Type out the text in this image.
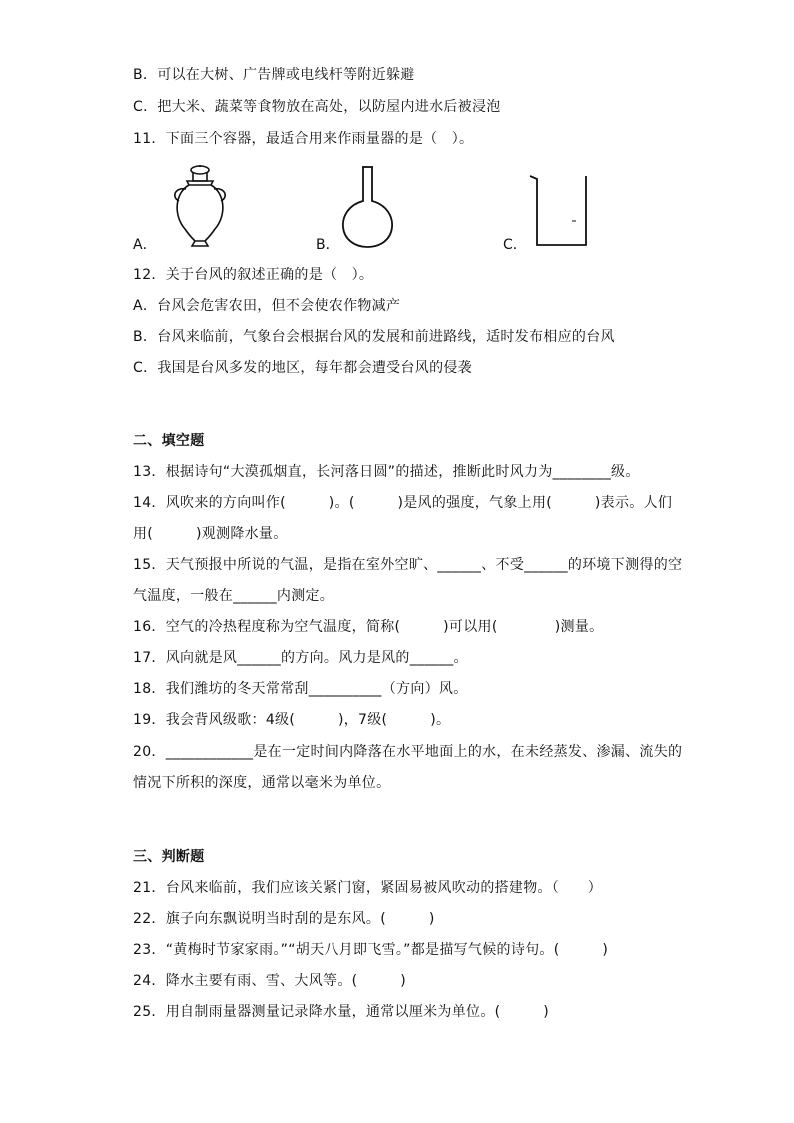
B．可以在大树、广告牌或电线杆等附近躲避
C．把大米、蔬菜等食物放在高处，以防屋内进水后被浸泡
11．下面三个容器，最适合用来作雨量器的是（　）。
A．	B．	C．
12．关于台风的叙述正确的是（　）。
A．台风会危害农田，但不会使农作物减产
B．台风来临前，气象台会根据台风的发展和前进路线，适时发布相应的台风
C．我国是台风多发的地区，每年都会遭受台风的侵袭
二、填空题
13．根据诗句“大漠孤烟直，长河落日圆”的描述，推断此时风力为________级。
14．风吹来的方向叫作(　　　)。(　　　)是风的强度，气象上用(　　　)表示。人们
用(　　　)观测降水量。
15．天气预报中所说的气温，是指在室外空旷、______、不受______的环境下测得的空
气温度，一般在______内测定。
16．空气的冷热程度称为空气温度，简称(　　　)可以用(　　　　)测量。
17．风向就是风______的方向。风力是风的______。
18．我们潍坊的冬天常常刮__________（方向）风。
19．我会背风级歌：4级(　　　)，7级(　　　)。
20．____________是在一定时间内降落在水平地面上的水，在未经蒸发、渗漏、流失的
情况下所积的深度，通常以毫米为单位。
三、判断题
21．台风来临前，我们应该关紧门窗，紧固易被风吹动的搭建物。（　　）
22．旗子向东飘说明当时刮的是东风。(　　　)
23．“黄梅时节家家雨。”“胡天八月即飞雪。”都是描写气候的诗句。(　　　)
24．降水主要有雨、雪、大风等。(　　　)
25．用自制雨量器测量记录降水量，通常以厘米为单位。(　　　)
